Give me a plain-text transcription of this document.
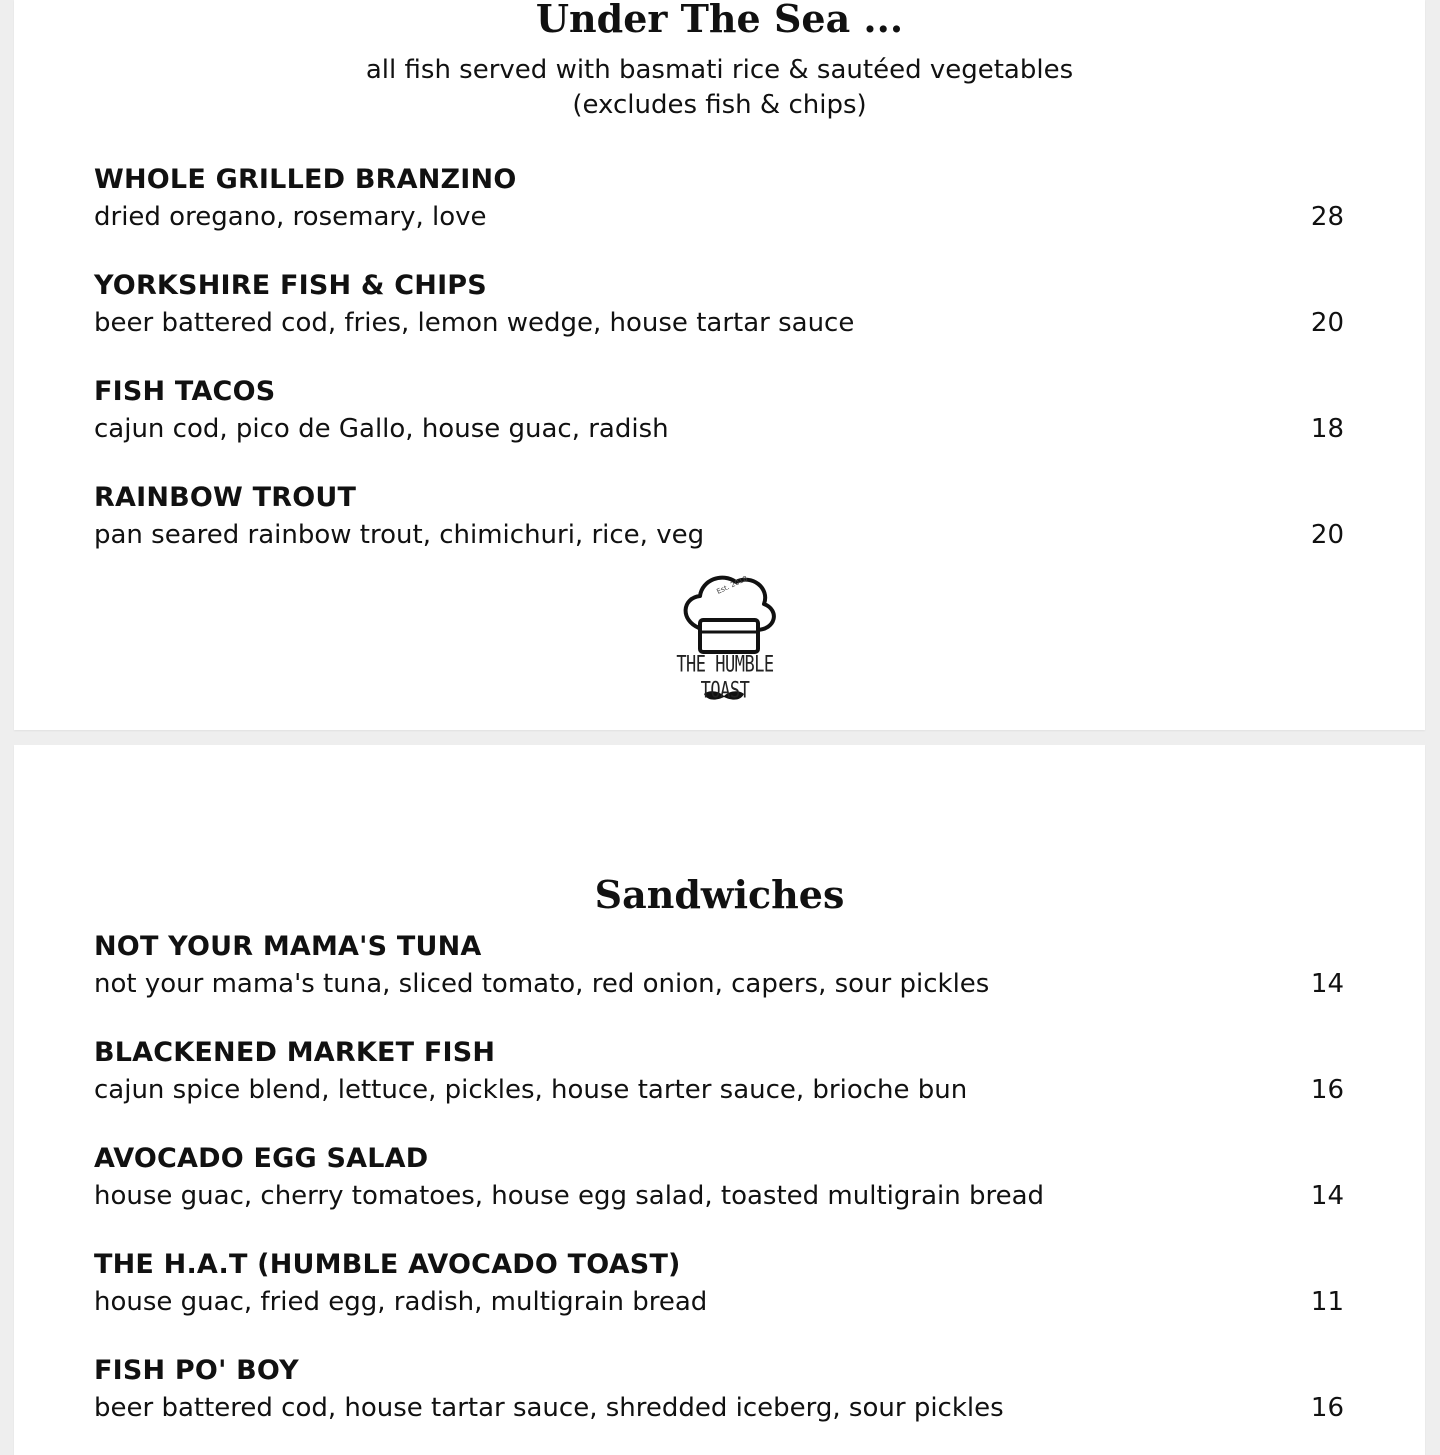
Under The Sea ...
all fish served with basmati rice & sautéed vegetables
(excludes fish & chips)
WHOLE GRILLED BRANZINO
dried oregano, rosemary, love	28
YORKSHIRE FISH & CHIPS
beer battered cod, fries, lemon wedge, house tartar sauce	20
FISH TACOS
cajun cod, pico de Gallo, house guac, radish	18
RAINBOW TROUT
pan seared rainbow trout, chimichuri, rice, veg	20
Est. 2018
THE HUMBLE TOAST
Sandwiches
NOT YOUR MAMA'S TUNA
not your mama's tuna, sliced tomato, red onion, capers, sour pickles	14
BLACKENED MARKET FISH
cajun spice blend, lettuce, pickles, house tarter sauce, brioche bun	16
AVOCADO EGG SALAD
house guac, cherry tomatoes, house egg salad, toasted multigrain bread	14
THE H.A.T (HUMBLE AVOCADO TOAST)
house guac, fried egg, radish, multigrain bread	11
FISH PO' BOY
beer battered cod, house tartar sauce, shredded iceberg, sour pickles	16
